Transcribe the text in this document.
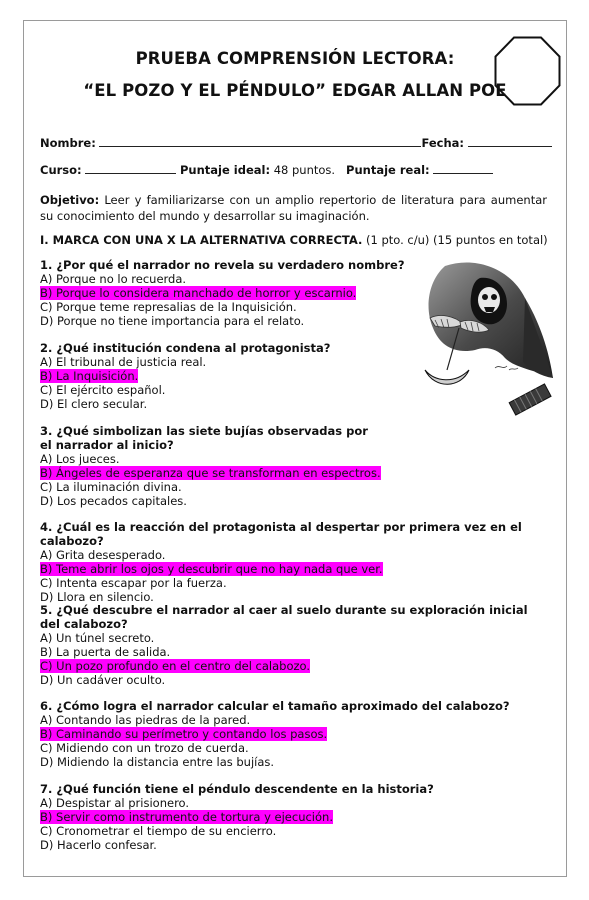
PRUEBA COMPRENSIÓN LECTORA:
“EL POZO Y EL PÉNDULO” EDGAR ALLAN POE
Nombre:	Fecha:
Curso:	Puntaje ideal: 48 puntos. Puntaje real:
Objetivo: Leer y familiarizarse con un amplio repertorio de literatura para aumentar su conocimiento del mundo y desarrollar su imaginación.
I. MARCA CON UNA X LA ALTERNATIVA CORRECTA. (1 pto. c/u) (15 puntos en total)
1. ¿Por qué el narrador no revela su verdadero nombre?
A) Porque no lo recuerda.
B) Porque lo considera manchado de horror y escarnio.
C) Porque teme represalias de la Inquisición.
D) Porque no tiene importancia para el relato.
2. ¿Qué institución condena al protagonista?
A) El tribunal de justicia real.
B) La Inquisición.
C) El ejército español.
D) El clero secular.
3. ¿Qué simbolizan las siete bujías observadas por el narrador al inicio?
A) Los jueces.
B) Ángeles de esperanza que se transforman en espectros.
C) La iluminación divina.
D) Los pecados capitales.
4. ¿Cuál es la reacción del protagonista al despertar por primera vez en el calabozo?
A) Grita desesperado.
B) Teme abrir los ojos y descubrir que no hay nada que ver.
C) Intenta escapar por la fuerza.
D) Llora en silencio.
5. ¿Qué descubre el narrador al caer al suelo durante su exploración inicial del calabozo?
A) Un túnel secreto.
B) La puerta de salida.
C) Un pozo profundo en el centro del calabozo.
D) Un cadáver oculto.
6. ¿Cómo logra el narrador calcular el tamaño aproximado del calabozo?
A) Contando las piedras de la pared.
B) Caminando su perímetro y contando los pasos.
C) Midiendo con un trozo de cuerda.
D) Midiendo la distancia entre las bujías.
7. ¿Qué función tiene el péndulo descendente en la historia?
A) Despistar al prisionero.
B) Servir como instrumento de tortura y ejecución.
C) Cronometrar el tiempo de su encierro.
D) Hacerlo confesar.
